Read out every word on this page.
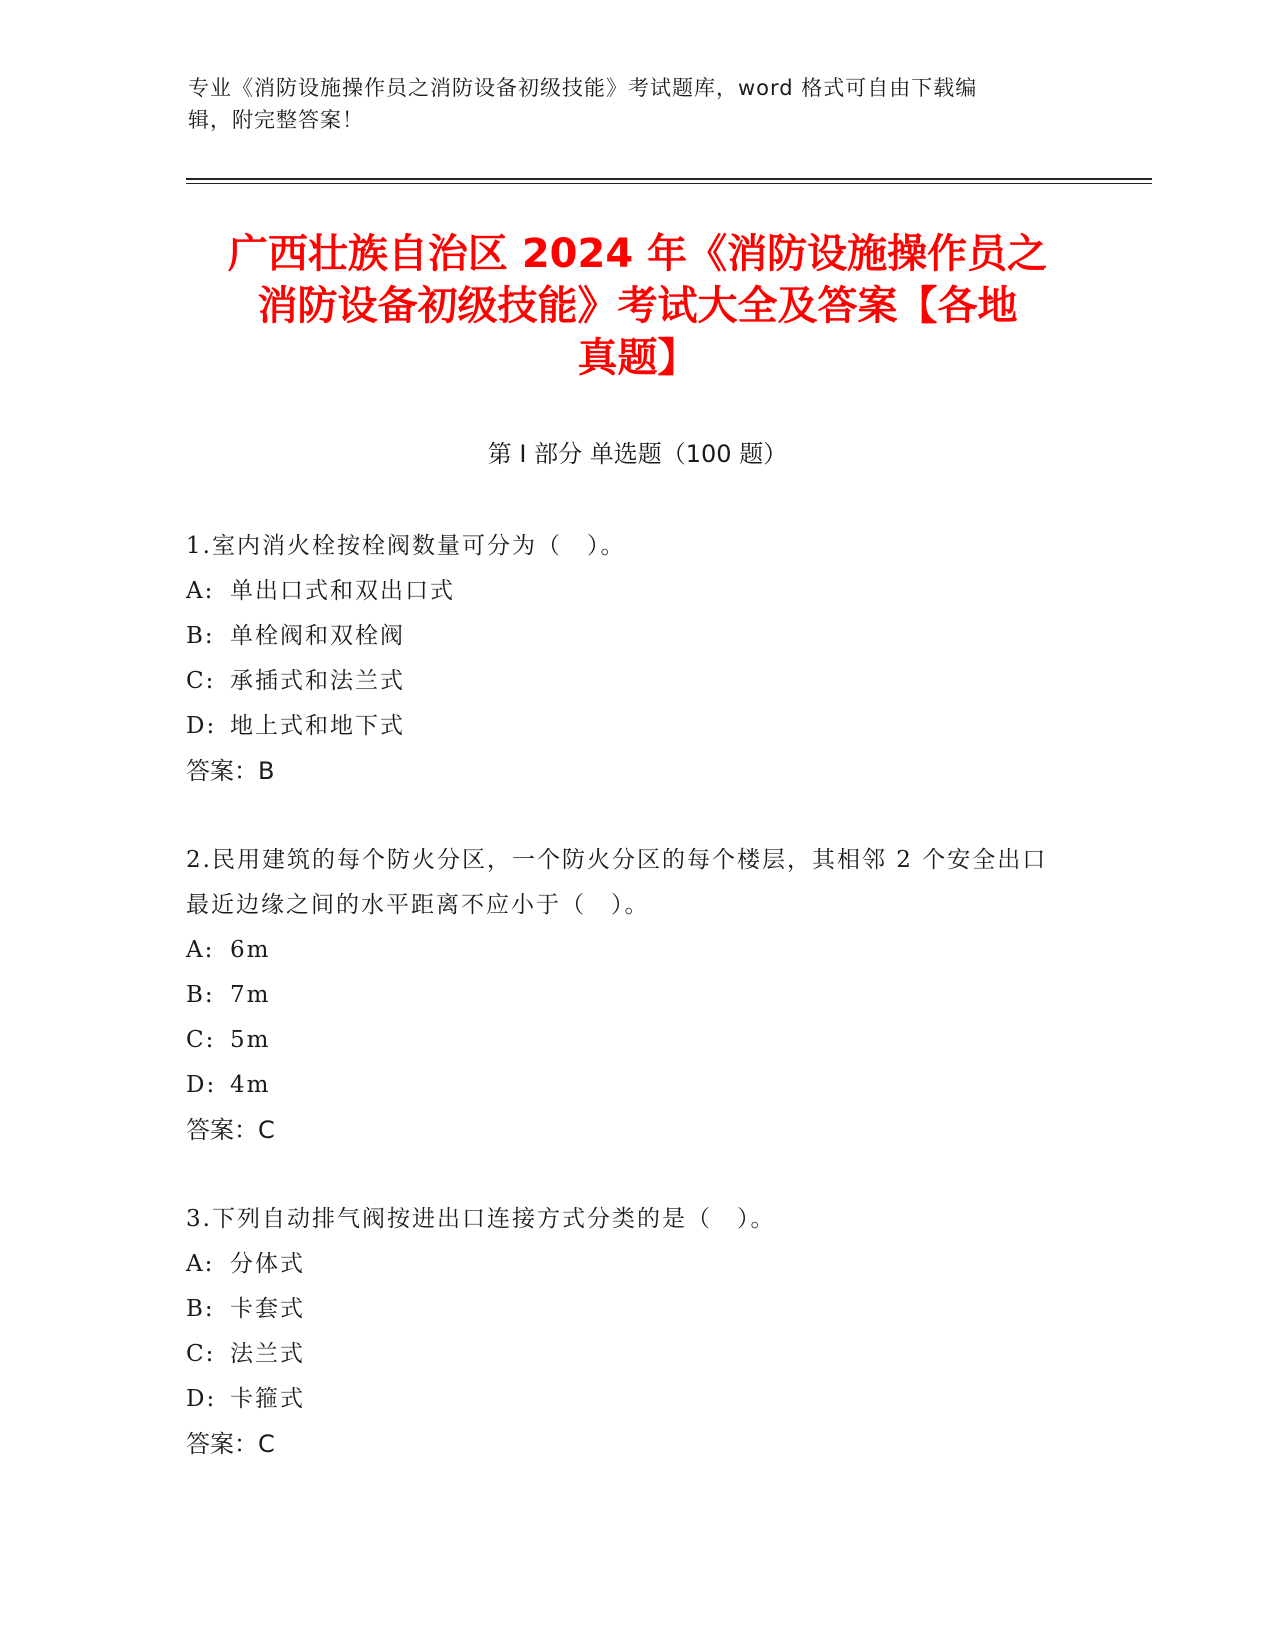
专业《消防设施操作员之消防设备初级技能》考试题库，word 格式可自由下载编
辑，附完整答案！
广西壮族自治区 2024 年《消防设施操作员之
消防设备初级技能》考试大全及答案【各地
真题】
第 I 部分 单选题（100 题）

1.室内消火栓按栓阀数量可分为（　）。

A: 单出口式和双出口式

B: 单栓阀和双栓阀

C: 承插式和法兰式

D: 地上式和地下式

答案：B

2.民用建筑的每个防火分区，一个防火分区的每个楼层，其相邻 2 个安全出口最近边缘之间的水平距离不应小于（　）。

A: 6m

B: 7m

C: 5m

D: 4m

答案：C

3.下列自动排气阀按进出口连接方式分类的是（　）。

A: 分体式

B: 卡套式

C: 法兰式

D: 卡箍式

答案：C
